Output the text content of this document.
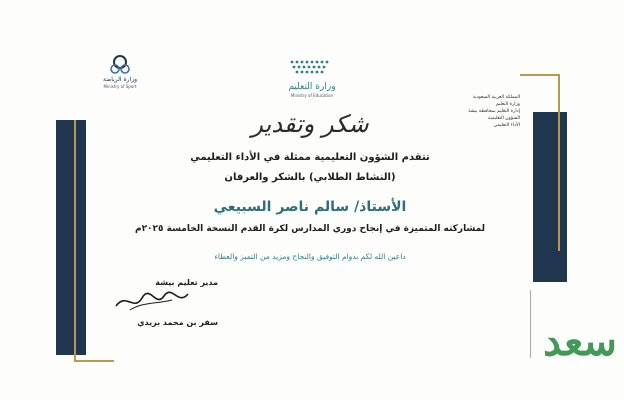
المملكة العربية السعودية
وزارة التعليم
إدارة التعليم بمحافظة بيشة
الشؤون التعليمية
الأداء التعليمي
وزارة التعليم
Ministry of Education
وزارة الرياضة
Ministry of Sport
شكر وتقدير
تتقدم الشؤون التعليمية ممثلة في الأداء التعليمي
(النشاط الطلابي) بالشكر والعرفان
الأستاذ/ سالم ناصر السبيعي
لمشاركته المتميزة في إنجاح دوري المدارس لكرة القدم النسخة الخامسة ٢٠٢٥م
داعين الله لكم بدوام التوفيق والنجاح ومزيد من التميز والعطاء
مدير تعليم بيشة
سفر بن محمد بريدي	سعد
